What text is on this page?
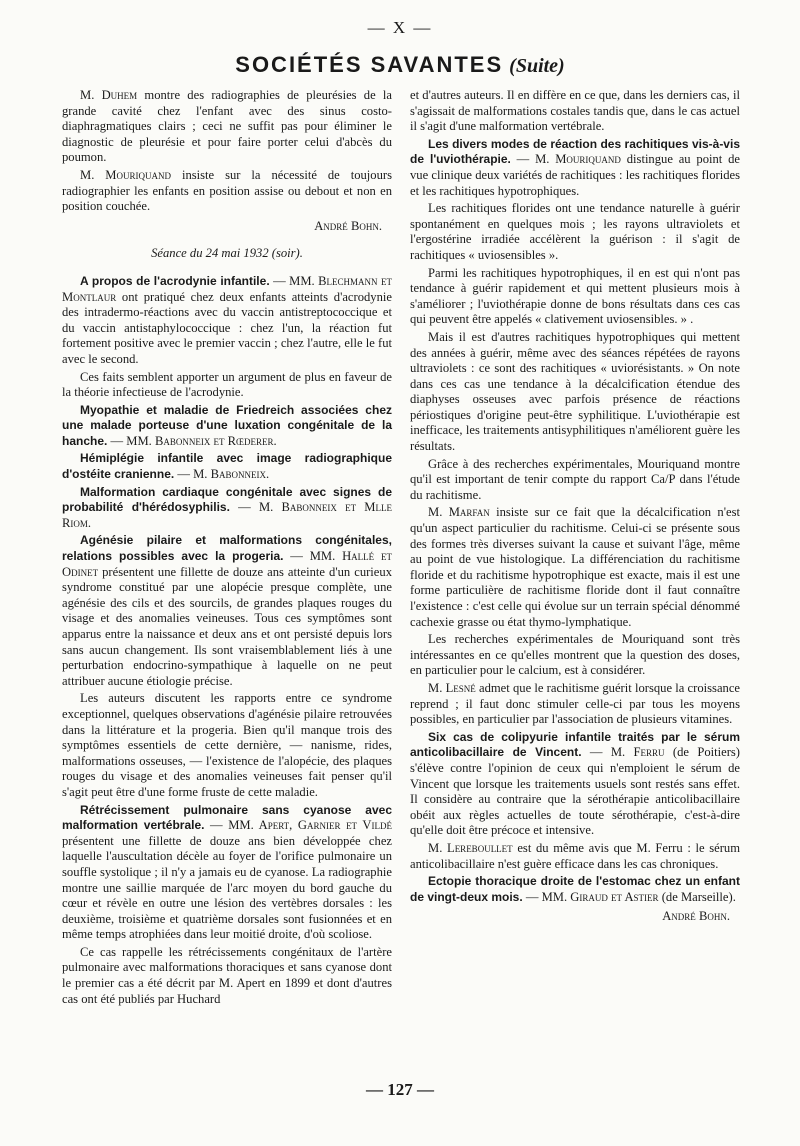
— X —
SOCIÉTÉS SAVANTES (Suite)

M. Duhem montre des radiographies de pleurésies de la grande cavité chez l'enfant avec des sinus costo-diaphragmatiques clairs ; ceci ne suffit pas pour éliminer le diagnostic de pleurésie et pour faire porter celui d'abcès du poumon.

M. Mouriquand insiste sur la nécessité de toujours radiographier les enfants en position assise ou debout et non en position couchée.

André Bohn.

Séance du 24 mai 1932 (soir).

A propos de l'acrodynie infantile. — MM. Blechmann et Montlaur ont pratiqué chez deux enfants atteints d'acrodynie des intradermo-réactions avec du vaccin antistreptococcique et du vaccin antistaphylococcique : chez l'un, la réaction fut fortement positive avec le premier vaccin ; chez l'autre, elle le fut avec le second.

Ces faits semblent apporter un argument de plus en faveur de la théorie infectieuse de l'acrodynie.

Myopathie et maladie de Friedreich associées chez une malade porteuse d'une luxation congénitale de la hanche. — MM. Babonneix et Rœderer.

Hémiplégie infantile avec image radiographique d'ostéite cranienne. — M. Babonneix.

Malformation cardiaque congénitale avec signes de probabilité d'hérédosyphilis. — M. Babonneix et Mlle Riom.

Agénésie pilaire et malformations congénitales, relations possibles avec la progeria. — MM. Hallé et Odinet présentent une fillette de douze ans atteinte d'un curieux syndrome constitué par une alopécie presque complète, une agénésie des cils et des sourcils, de grandes plaques rouges du visage et des anomalies veineuses. Tous ces symptômes sont apparus entre la naissance et deux ans et ont persisté depuis lors sans aucun changement. Ils sont vraisemblablement liés à une perturbation endocrino-sympathique à laquelle on ne peut attribuer aucune étiologie précise.

Les auteurs discutent les rapports entre ce syndrome exceptionnel, quelques observations d'agénésie pilaire retrouvées dans la littérature et la progeria. Bien qu'il manque trois des symptômes essentiels de cette dernière, — nanisme, rides, malformations osseuses, — l'existence de l'alopécie, des plaques rouges du visage et des anomalies veineuses fait penser qu'il s'agit peut être d'une forme fruste de cette maladie.

Rétrécissement pulmonaire sans cyanose avec malformation vertébrale. — MM. Apert, Garnier et Vildé présentent une fillette de douze ans bien développée chez laquelle l'auscultation décèle au foyer de l'orifice pulmonaire un souffle systolique ; il n'y a jamais eu de cyanose. La radiographie montre une saillie marquée de l'arc moyen du bord gauche du cœur et révèle en outre une lésion des vertèbres dorsales : les deuxième, troisième et quatrième dorsales sont fusionnées et en même temps atrophiées dans leur moitié droite, d'où scoliose.

Ce cas rappelle les rétrécissements congénitaux de l'artère pulmonaire avec malformations thoraciques et sans cyanose dont le premier cas a été décrit par M. Apert en 1899 et dont d'autres cas ont été publiés par Huchard

et d'autres auteurs. Il en diffère en ce que, dans les derniers cas, il s'agissait de malformations costales tandis que, dans le cas actuel il s'agit d'une malformation vertébrale.

Les divers modes de réaction des rachitiques vis-à-vis de l'uviothérapie. — M. Mouriquand distingue au point de vue clinique deux variétés de rachitiques : les rachitiques florides et les rachitiques hypotrophiques.

Les rachitiques florides ont une tendance naturelle à guérir spontanément en quelques mois ; les rayons ultraviolets et l'ergostérine irradiée accélèrent la guérison : il s'agit de rachitiques « uviosensibles ».

Parmi les rachitiques hypotrophiques, il en est qui n'ont pas tendance à guérir rapidement et qui mettent plusieurs mois à s'améliorer ; l'uviothérapie donne de bons résultats dans ces cas qui peuvent être appelés « clativement uviosensibles. » .

Mais il est d'autres rachitiques hypotrophiques qui mettent des années à guérir, même avec des séances répétées de rayons ultraviolets : ce sont des rachitiques « uviorésistants. » On note dans ces cas une tendance à la décalcification étendue des diaphyses osseuses avec parfois présence de réactions périostiques d'origine peut-être syphilitique. L'uviothérapie est inefficace, les traitements antisyphilitiques n'améliorent guère les résultats.

Grâce à des recherches expérimentales, Mouriquand montre qu'il est important de tenir compte du rapport Ca/P dans l'étude du rachitisme.

M. Marfan insiste sur ce fait que la décalcification n'est qu'un aspect particulier du rachitisme. Celui-ci se présente sous des formes très diverses suivant la cause et suivant l'âge, même au point de vue histologique. La différenciation du rachitisme floride et du rachitisme hypotrophique est exacte, mais il est une forme particulière de rachitisme floride dont il faut connaître l'existence : c'est celle qui évolue sur un terrain spécial dénommé cachexie grasse ou état thymo-lymphatique.

Les recherches expérimentales de Mouriquand sont très intéressantes en ce qu'elles montrent que la question des doses, en particulier pour le calcium, est à considérer.

M. Lesné admet que le rachitisme guérit lorsque la croissance reprend ; il faut donc stimuler celle-ci par tous les moyens possibles, en particulier par l'association de plusieurs vitamines.

Six cas de colipyurie infantile traités par le sérum anticolibacillaire de Vincent. — M. Ferru (de Poitiers) s'élève contre l'opinion de ceux qui n'emploient le sérum de Vincent que lorsque les traitements usuels sont restés sans effet. Il considère au contraire que la sérothérapie anticolibacillaire obéit aux règles actuelles de toute sérothérapie, c'est-à-dire qu'elle doit être précoce et intensive.

M. Lereboullet est du même avis que M. Ferru : le sérum anticolibacillaire n'est guère efficace dans les cas chroniques.

Ectopie thoracique droite de l'estomac chez un enfant de vingt-deux mois. — MM. Giraud et Astier (de Marseille).

André Bohn.

— 127 —
